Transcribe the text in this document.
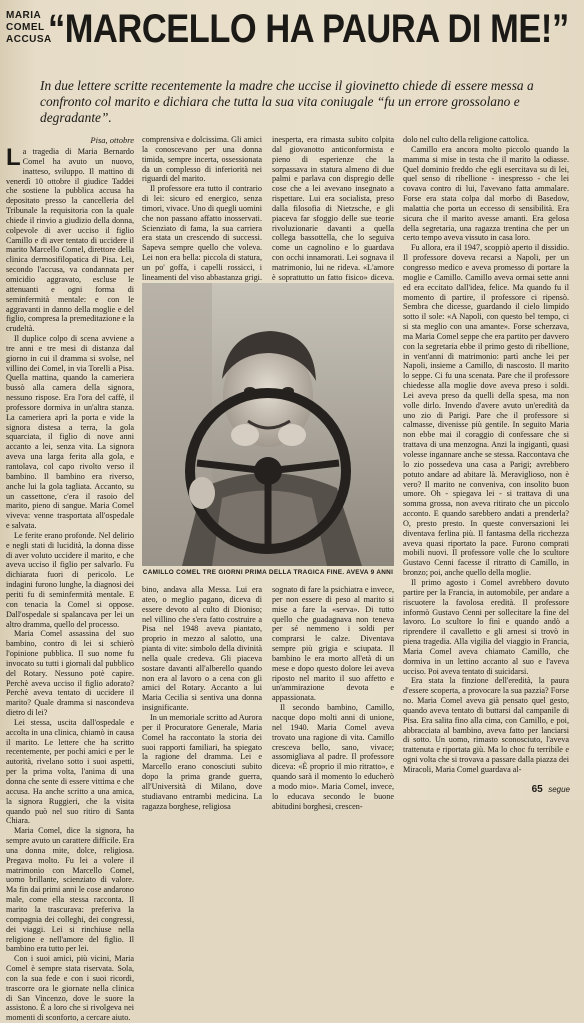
MARIA
COMEL
ACCUSA
“MARCELLO HA PAURA DI ME!”
In due lettere scritte recentemente la madre che uccise il giovinetto chiede di essere messa a confronto col marito e dichiara che tutta la sua vita coniugale “fu un errore grossolano e degradante”.
Pisa, ottobre
L a tragedia di Maria Bernardo Comel ha avuto un nuovo, inatteso, sviluppo. Il mattino di venerdì 10 ottobre il giudice Taddei che sostiene la pubblica accusa ha depositato presso la cancelleria del Tribunale la requisitoria con la quale chiede il rinvio a giudizio della donna, colpevole di aver ucciso il figlio Camillo e di aver tentato di uccidere il marito Marcello Comel, direttore della clinica dermosifilopatica di Pisa. Lei, secondo l'accusa, va condannata per omicidio aggravato, escluse le attenuanti e ogni forma di seminfermità mentale: e con le aggravanti in danno della moglie e del figlio, compresa la premeditazione e la crudeltà.

Il duplice colpo di scena avviene a tre anni e tre mesi di distanza dal giorno in cui il dramma si svolse, nel villino dei Comel, in via Torelli a Pisa. Quella mattina, quando la cameriera bussò alla camera della signora, nessuno rispose. Era l'ora del caffè, il professore dormiva in un'altra stanza. La cameriera aprì la porta e vide la signora distesa a terra, la gola squarciata, il figlio di nove anni accanto a lei, senza vita. La signora aveva una larga ferita alla gola, e rantolava, col capo rivolto verso il bambino. Il bambino era riverso, anche lui la gola tagliata. Accanto, su un cassettone, c'era il rasoio del marito, pieno di sangue. Maria Comel viveva: venne trasportata all'ospedale e salvata.

Le ferite erano profonde. Nel delirio e negli stati di lucidità, la donna disse di aver voluto uccidere il marito, e che aveva ucciso il figlio per salvarlo. Fu dichiarata fuori di pericolo. Le indagini furono lunghe, la diagnosi dei periti fu di seminfermità mentale. E con tenacia la Comel si oppose. Dall'ospedale si spalancava per lei un altro dramma, quello del processo.

Maria Comel assassina del suo bambino, contro di lei si schierò l'opinione pubblica. Il suo nome fu invocato su tutti i giornali dal pubblico del Rotary. Nessuno potè capire. Perchè aveva ucciso il figlio adorato? Perchè aveva tentato di uccidere il marito? Quale dramma si nascondeva dietro di lei?

Lei stessa, uscita dall'ospedale e accolta in una clinica, chiamò in causa il marito. Le lettere che ha scritto recentemente, per pochi amici e per le autorità, rivelano sotto i suoi aspetti, per la prima volta, l'anima di una donna che sente di essere vittima e che accusa. Ha anche scritto a una amica, la signora Ruggieri, che la visita quando può nel suo ritiro di Santa Chiara.

Maria Comel, dice la signora, ha sempre avuto un carattere difficile. Era una donna mite, dolce, religiosa. Pregava molto. Fu lei a volere il matrimonio con Marcello Comel, uomo brillante, scienziato di valore. Ma fin dai primi anni le cose andarono male, come ella stessa racconta. Il marito la trascurava: preferiva la compagnia dei colleghi, dei congressi, dei viaggi. Lei si rinchiuse nella religione e nell'amore del figlio. Il bambino era tutto per lei.

Con i suoi amici, più vicini, Maria Comel è sempre stata riservata. Sola, con la sua fede e con i suoi ricordi, trascorre ora le giornate nella clinica di San Vincenzo, dove le suore la assistono. È a loro che si rivolgeva nei momenti di sconforto, a cercare aiuto.

comprensiva e dolcissima. Gli amici la conoscevano per una donna timida, sempre incerta, ossessionata da un complesso di inferiorità nei riguardi del marito.

Il professore era tutto il contrario di lei: sicuro ed energico, senza timori, vivace. Uno di quegli uomini che non passano affatto inosservati. Scienziato di fama, la sua carriera era stata un crescendo di successi. Sapeva sempre quello che voleva. Lei non era bella: piccola di statura, un po' goffa, i capelli rossicci, i lineamenti del viso abbastanza grigi.

inesperta, era rimasta subito colpita dal giovanotto anticonformista e pieno di esperienze che la sorpassava in statura almeno di due palmi e parlava con dispregio delle cose che a lei avevano insegnato a rispettare. Lui era socialista, preso dalla filosofia di Nietzsche, e gli piaceva far sfoggio delle sue teorie rivoluzionarie davanti a quella collega bassottella, che lo seguiva come un cagnolino e lo guardava con occhi innamorati. Lei sognava il matrimonio, lui ne rideva. «L'amore è soprattutto un fatto fisico» diceva.

dolo nel culto della religione cattolica.

Camillo era ancora molto piccolo quando la mamma si mise in testa che il marito la odiasse. Quel dominio freddo che egli esercitava su di lei, quel senso di ribellione - inespresso - che lei covava contro di lui, l'avevano fatta ammalare. Forse era stata colpa dal morbo di Basedow, malattia che porta un eccesso di sensibilità. Era sicura che il marito avesse amanti. Era gelosa della segretaria, una ragazza trentina che per un certo tempo aveva vissuto in casa loro.

Fu allora, era il 1947, scoppiò aperto il dissidio. Il professore doveva recarsi a Napoli, per un congresso medico e aveva promesso di portare la moglie e Camillo. Camillo aveva ormai sette anni ed era eccitato dall'idea, felice. Ma quando fu il momento di partire, il professore ci ripensò. Sembra che dicesse, guardando il cielo limpido sotto il sole: «A Napoli, con questo bel tempo, ci si sta meglio con una amante». Forse scherzava, ma Maria Comel seppe che era partito per davvero con la segretaria ebbe il primo gesto di ribellione, in vent'anni di matrimonio: partì anche lei per Napoli, insieme a Camillo, di nascosto. Il marito lo seppe. Ci fu una scenata. Pare che il professore chiedesse alla moglie dove aveva preso i soldi. Lei aveva preso da quelli della spesa, ma non volle dirlo. Invendo d'avere avuto un'eredità da uno zio di Parigi. Pare che il professore si calmasse, divenisse più gentile. In seguito Maria non ebbe mai il coraggio di confessare che si trattava di una menzogna. Anzi la ingigantì, quasi volesse ingannare anche se stessa. Raccontava che lo zio possedeva una casa a Parigi; avrebbero potuto andare ad abitare là. Meraviglioso, non è vero? Il marito ne conveniva, con insolito buon umore. Oh - spiegava lei - si trattava di una somma grossa, non aveva ritirato che un piccolo acconto. E quando sarebbero andati a prenderla? O, presto presto. In queste conversazioni lei diventava ferlina più. Il fantasma della ricchezza aveva quasi riportato la pace. Furono comprati mobili nuovi. Il professore volle che lo scultore Gustavo Cenni facesse il ritratto di Camillo, in bronzo; poi, anche quello della moglie.

Il primo agosto i Comel avrebbero dovuto partire per la Francia, in automobile, per andare a riscuotere la favolosa eredità. Il professore informò Gustavo Cenni per sollecitare la fine del lavoro. Lo scultore lo finì e quando andò a riprendere il cavalletto e gli arnesi si trovò in piena tragedia. Alla vigilia del viaggio in Francia, Maria Comel aveva chiamato Camillo, che dormiva in un lettino accanto al suo e l'aveva ucciso. Poi aveva tentato di suicidarsi.

Era stata la finzione dell'eredità, la paura d'essere scoperta, a provocare la sua pazzia? Forse no. Maria Comel aveva già pensato quel gesto, quando aveva tentato di buttarsi dal campanile di Pisa. Era salita fino alla cima, con Camillo, e poi, abbracciata al bambino, aveva fatto per lanciarsi di sotto. Un uomo, rimasto sconosciuto, l'aveva trattenuta e riportata giù. Ma lo choc fu terribile e ogni volta che si trovava a passare dalla piazza dei Miracoli, Maria Comel guardava al-

CAMILLO COMEL TRE GIORNI PRIMA DELLA TRAGICA FINE. AVEVA 9 ANNI

bino, andava alla Messa. Lui era ateo, o meglio pagano, diceva di essere devoto al culto di Dioniso; nel villino che s'era fatto costruire a Pisa nel 1948 aveva piantato, proprio in mezzo al salotto, una pianta di vite: simbolo della divinità nella quale credeva. Gli piaceva sostare davanti all'alberello quando non era al lavoro o a cena con gli amici del Rotary. Accanto a lui Maria Cecilia si sentiva una donna insignificante.

In un memoriale scritto ad Aurora per il Procuratore Generale, Maria Comel ha raccontato la storia dei suoi rapporti familiari, ha spiegato la ragione del dramma. Lei e Marcello erano conosciuti subito dopo la prima grande guerra, all'Università di Milano, dove studiavano entrambi medicina. La ragazza borghese, religiosa

sognato di fare la psichiatra e invece, per non essere di peso al marito si mise a fare la «serva». Di tutto quello che guadagnava non teneva per sé nemmeno i soldi per comprarsi le calze. Diventava sempre più grigia e sciupata. Il bambino le era morto all'età di un mese e dopo questo dolore lei aveva riposto nel marito il suo affetto e un'ammirazione devota e appassionata.

Il secondo bambino, Camillo, nacque dopo molti anni di unione, nel 1940. Maria Comel aveva trovato una ragione di vita. Camillo cresceva bello, sano, vivace; assomigliava al padre. Il professore diceva: «È proprio il mio ritratto», e quando sarà il momento lo educherò a modo mio». Maria Comel, invece, lo educava secondo le buone abitudini borghesi, crescen-

65 segue
